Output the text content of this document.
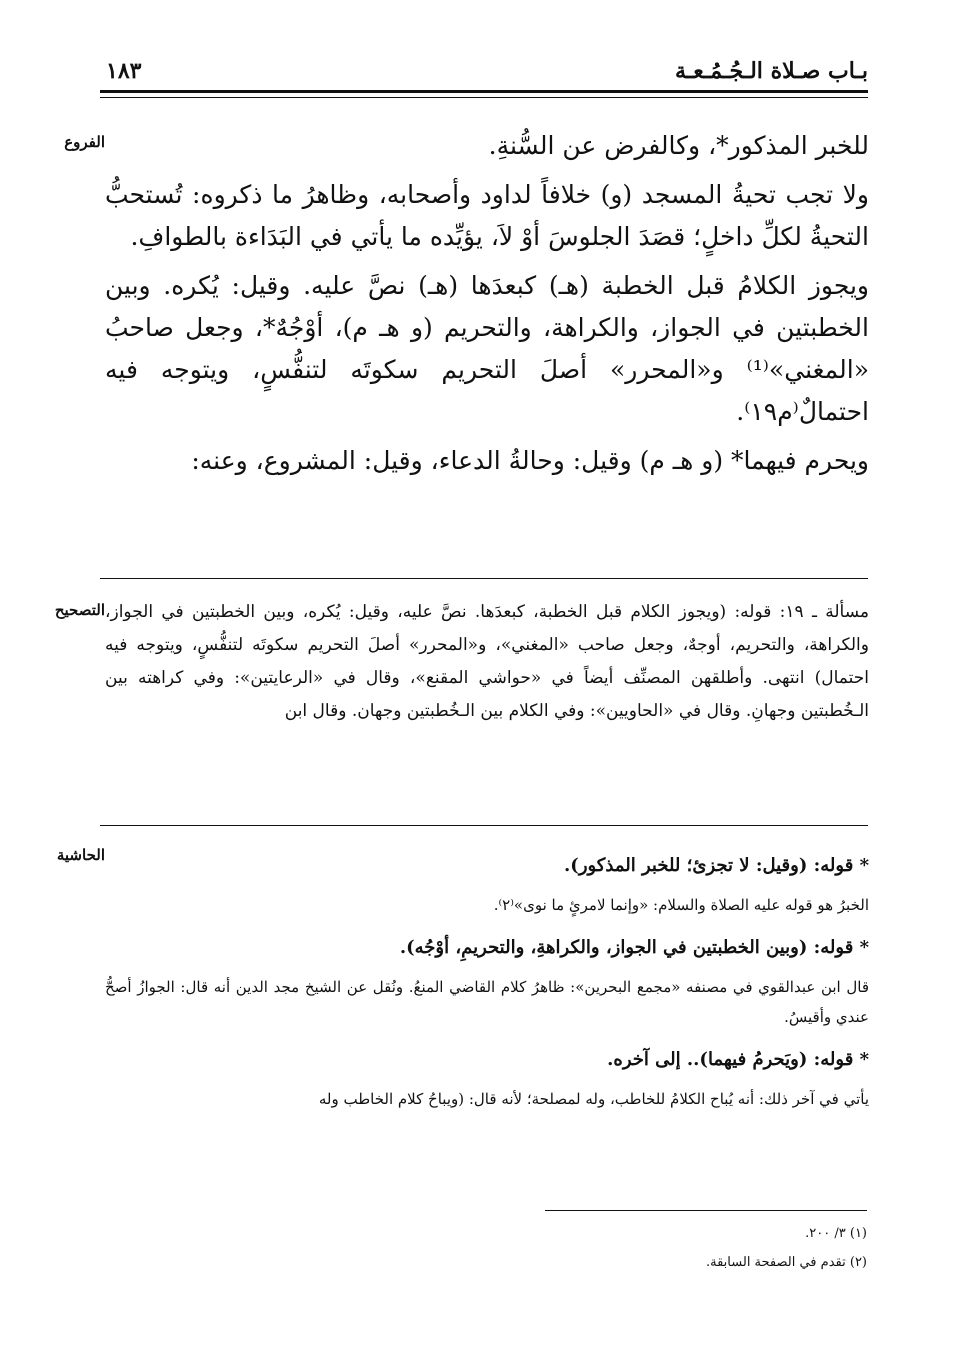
بـاب صـلاة الـجُـمُـعـة
١٨٣
الفروع	للخبر المذكور*، وكالفرض عن السُّنةِ.

ولا تجب تحيةُ المسجد (و) خلافاً لداود وأصحابه، وظاهرُ ما ذكروه: تُستحبُّ التحيةُ لكلِّ داخلٍ؛ قصَدَ الجلوسَ أوْ لاَ، يؤيِّده ما يأتي في البَدَاءة بالطوافِ.

ويجوز الكلامُ قبل الخطبة (هـ) كبعدَها (هـ) نصَّ عليه. وقيل: يُكره. وبين الخطبتين في الجواز، والكراهة، والتحريم (و هـ م)، أوْجُهٌ*، وجعل صاحبُ «المغني»⁽¹⁾ و«المحرر» أصلَ التحريم سكوتَه لتنفُّسٍ، ويتوجه فيه احتمالٌ⁽م١٩⁾.

ويحرم فيهما* (و هـ م) وقيل: وحالةُ الدعاء، وقيل: المشروع، وعنه:

التصحيح مسألة ـ ١٩: قوله: (ويجوز الكلام قبل الخطبة، كبعدَها. نصَّ عليه، وقيل: يُكره، وبين الخطبتين في الجواز، والكراهة، والتحريم، أوجهٌ، وجعل صاحب «المغني»، و«المحرر» أصلَ التحريم سكوتَه لتنفُّسٍ، ويتوجه فيه احتمال) انتهى. وأطلقهن المصنِّف أيضاً في «حواشي المقنع»، وقال في «الرعايتين»: وفي كراهته بين الـخُطبتين وجهانِ. وقال في «الحاويين»: وفي الكلام بين الـخُطبتين وجهان. وقال ابن

الحاشية	* قوله: (وقيل: لا تجزئ؛ للخبر المذكور).

الخبرُ هو قوله عليه الصلاة والسلام: «وإنما لامرئٍ ما نوى»⁽٢⁾.

* قوله: (وبين الخطبتين في الجواز، والكراهةِ، والتحريمِ، أوْجُه).

قال ابن عبدالقوي في مصنفه «مجمع البحرين»: ظاهرُ كلام القاضي المنعُ. ونُقل عن الشيخ مجد الدين أنه قال: الجوازُ أصحُّ عندي وأقيسُ.

* قوله: (ويَحرمُ فيهما).. إلى آخره.

يأتي في آخر ذلك: أنه يُباح الكلامُ للخاطب، وله لمصلحة؛ لأنه قال: (ويباحُ كلام الخاطب وله

(١) ٣/ ٢٠٠.
(٢) تقدم في الصفحة السابقة.
